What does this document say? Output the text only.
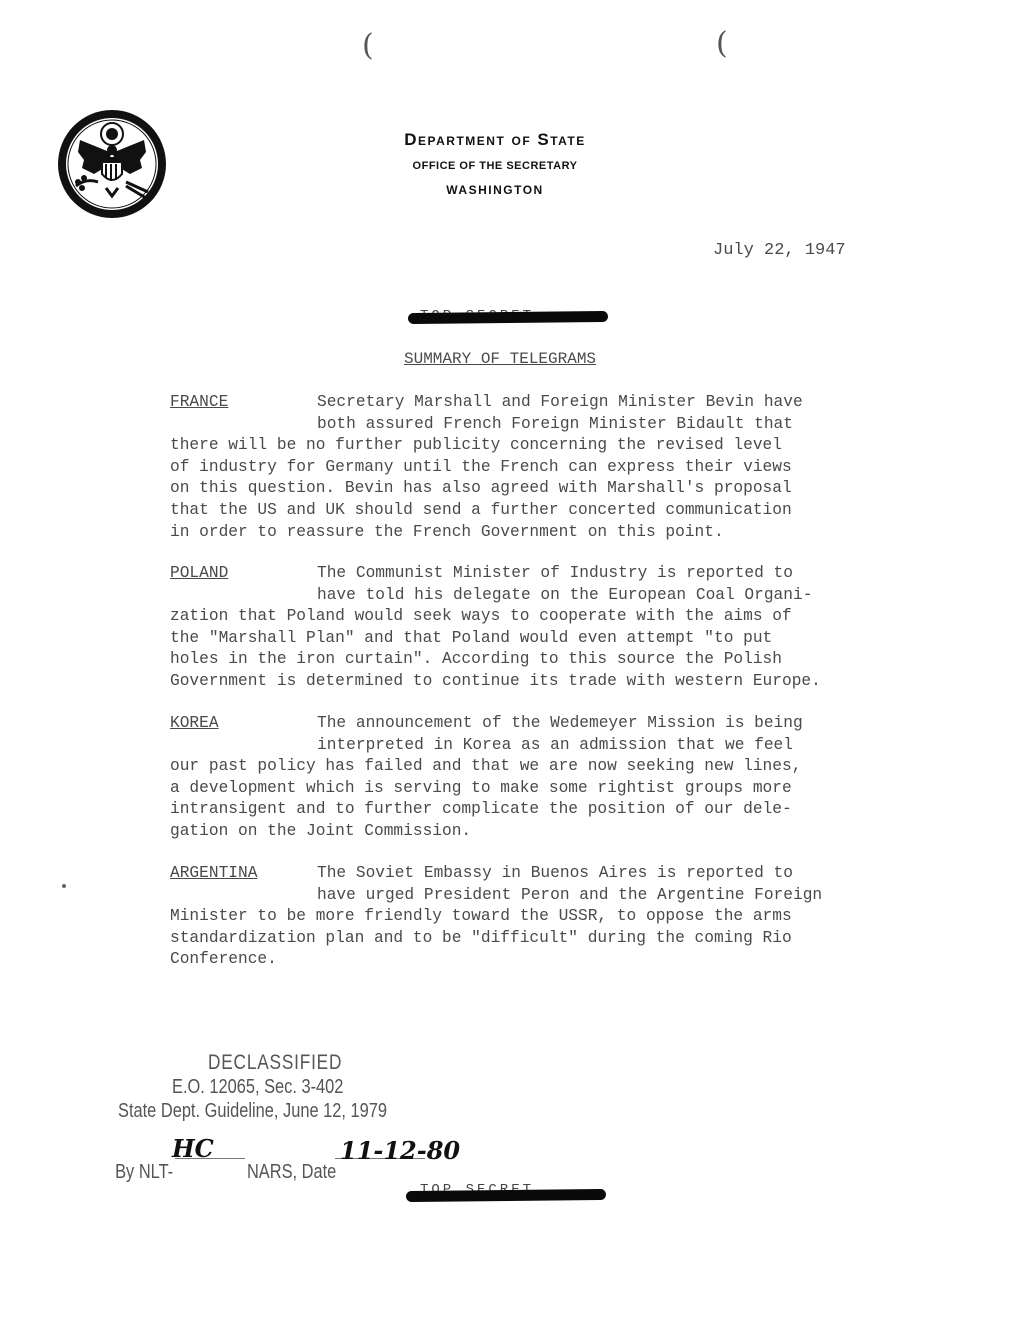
(	(
Department of State
OFFICE OF THE SECRETARY
WASHINGTON
July 22, 1947
SUMMARY OF TELEGRAMS
FRANCE	Secretary Marshall and Foreign Minister Bevin have
both assured French Foreign Minister Bidault that
there will be no further publicity concerning the revised level
of industry for Germany until the French can express their views
on this question. Bevin has also agreed with Marshall's proposal
that the US and UK should send a further concerted communication
in order to reassure the French Government on this point.
POLAND	The Communist Minister of Industry is reported to
have told his delegate on the European Coal Organi-
zation that Poland would seek ways to cooperate with the aims of
the "Marshall Plan" and that Poland would even attempt "to put
holes in the iron curtain". According to this source the Polish
Government is determined to continue its trade with western Europe.
KOREA	The announcement of the Wedemeyer Mission is being
interpreted in Korea as an admission that we feel
our past policy has failed and that we are now seeking new lines,
a development which is serving to make some rightist groups more
intransigent and to further complicate the position of our dele-
gation on the Joint Commission.
ARGENTINA	The Soviet Embassy in Buenos Aires is reported to
have urged President Peron and the Argentine Foreign
Minister to be more friendly toward the USSR, to oppose the arms
standardization plan and to be "difficult" during the coming Rio
Conference.
DECLASSIFIED
E.O. 12065, Sec. 3-402
State Dept. Guideline, June 12, 1979

By NLT-	NARS, Date

HC	11-12-80
